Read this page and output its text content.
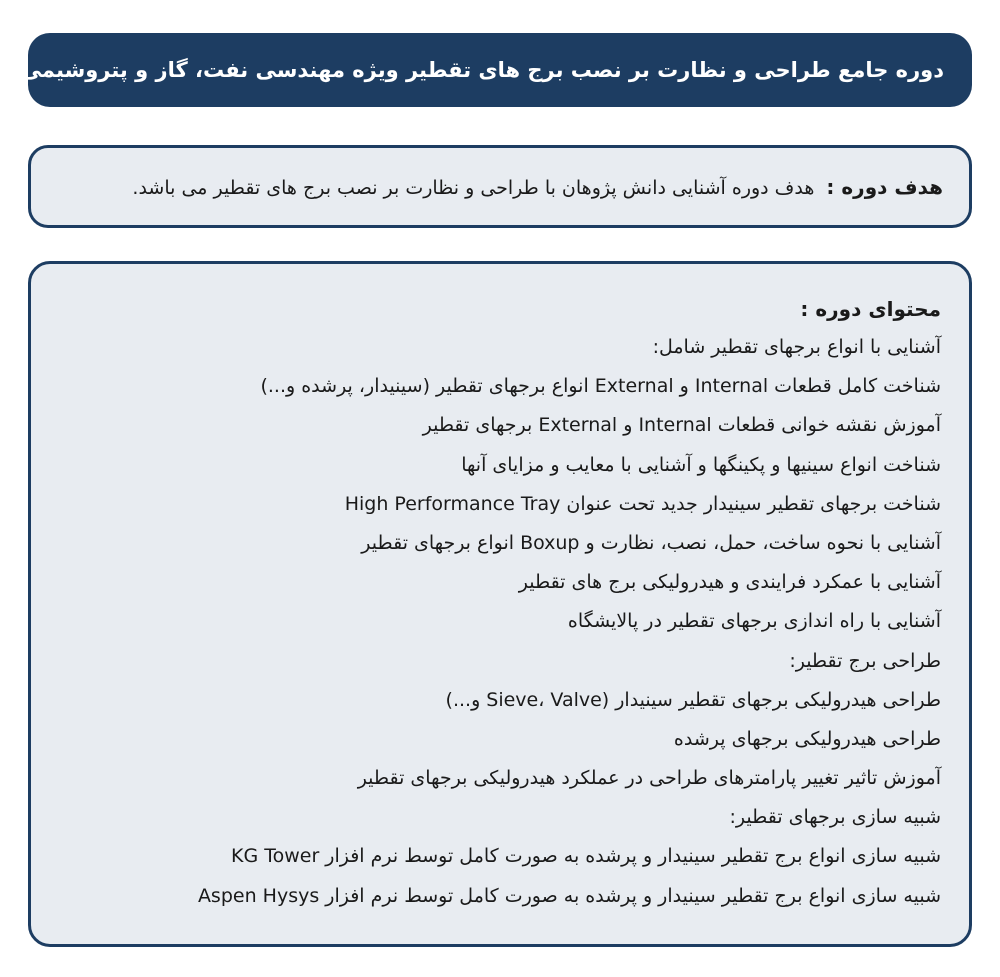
دوره جامع طراحی و نظارت بر نصب برج های تقطیر ویژه مهندسی نفت، گاز و پتروشیمی

هدف دوره : هدف دوره آشنایی دانش پژوهان با طراحی و نظارت بر نصب برج های تقطیر می باشد.

محتوای دوره :
آشنایی با انواع برجهای تقطیر شامل:
شناخت کامل قطعات Internal و External انواع برجهای تقطیر (سینیدار، پرشده و...)
آموزش نقشه خوانی قطعات Internal و External برجهای تقطیر
شناخت انواع سینیها و پکینگها و آشنایی با معایب و مزایای آنها
شناخت برجهای تقطیر سینیدار جدید تحت عنوان High Performance Tray
آشنایی با نحوه ساخت، حمل، نصب، نظارت و Boxup انواع برجهای تقطیر
آشنایی با عمکرد فرایندی و هیدرولیکی برج های تقطیر
آشنایی با راه اندازی برجهای تقطیر در پالایشگاه
طراحی برج تقطیر:
طراحی هیدرولیکی برجهای تقطیر سینیدار (Sieve، Valve و...)
طراحی هیدرولیکی برجهای پرشده
آموزش تاثیر تغییر پارامترهای طراحی در عملکرد هیدرولیکی برجهای تقطیر
شبیه سازی برجهای تقطیر:
شبیه سازی انواع برج تقطیر سینیدار و پرشده به صورت کامل توسط نرم افزار KG Tower
شبیه سازی انواع برج تقطیر سینیدار و پرشده به صورت کامل توسط نرم افزار Aspen Hysys
